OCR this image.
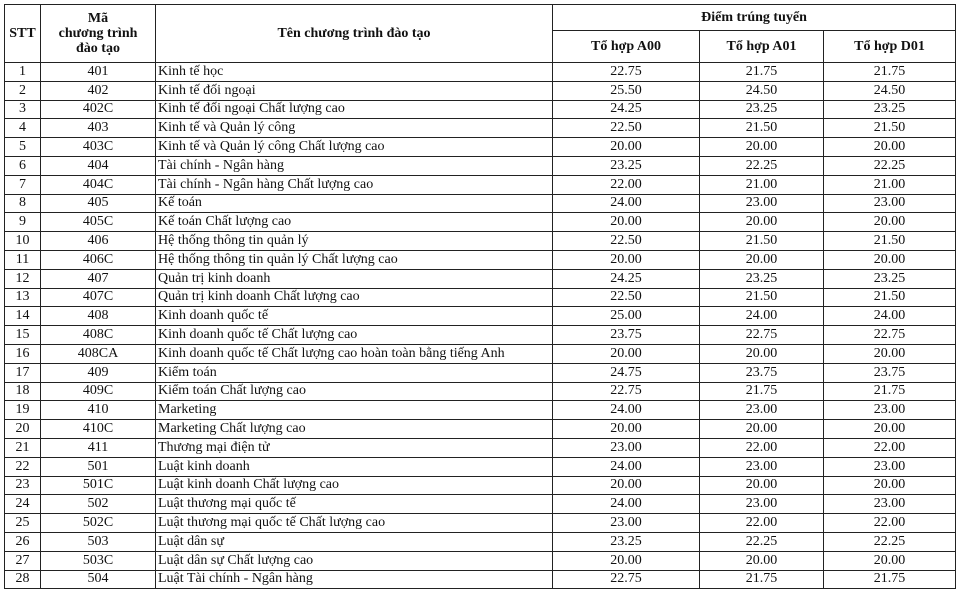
STT	Mã
chương trình
đào tạo	Tên chương trình đào tạo	Điểm trúng tuyển		
			Tổ hợp A00	Tổ hợp A01	Tổ hợp D01
1	401	Kinh tế học	22.75	21.75	21.75
2	402	Kinh tế đối ngoại	25.50	24.50	24.50
3	402C	Kinh tế đối ngoại Chất lượng cao	24.25	23.25	23.25
4	403	Kinh tế và Quản lý công	22.50	21.50	21.50
5	403C	Kinh tế và Quản lý công Chất lượng cao	20.00	20.00	20.00
6	404	Tài chính - Ngân hàng	23.25	22.25	22.25
7	404C	Tài chính - Ngân hàng Chất lượng cao	22.00	21.00	21.00
8	405	Kế toán	24.00	23.00	23.00
9	405C	Kế toán Chất lượng cao	20.00	20.00	20.00
10	406	Hệ thống thông tin quản lý	22.50	21.50	21.50
11	406C	Hệ thống thông tin quản lý Chất lượng cao	20.00	20.00	20.00
12	407	Quản trị kinh doanh	24.25	23.25	23.25
13	407C	Quản trị kinh doanh Chất lượng cao	22.50	21.50	21.50
14	408	Kinh doanh quốc tế	25.00	24.00	24.00
15	408C	Kinh doanh quốc tế Chất lượng cao	23.75	22.75	22.75
16	408CA	Kinh doanh quốc tế Chất lượng cao hoàn toàn bằng tiếng Anh	20.00	20.00	20.00
17	409	Kiểm toán	24.75	23.75	23.75
18	409C	Kiểm toán Chất lượng cao	22.75	21.75	21.75
19	410	Marketing	24.00	23.00	23.00
20	410C	Marketing Chất lượng cao	20.00	20.00	20.00
21	411	Thương mại điện tử	23.00	22.00	22.00
22	501	Luật kinh doanh	24.00	23.00	23.00
23	501C	Luật kinh doanh Chất lượng cao	20.00	20.00	20.00
24	502	Luật thương mại quốc tế	24.00	23.00	23.00
25	502C	Luật thương mại quốc tế Chất lượng cao	23.00	22.00	22.00
26	503	Luật dân sự	23.25	22.25	22.25
27	503C	Luật dân sự Chất lượng cao	20.00	20.00	20.00
28	504	Luật Tài chính - Ngân hàng	22.75	21.75	21.75
